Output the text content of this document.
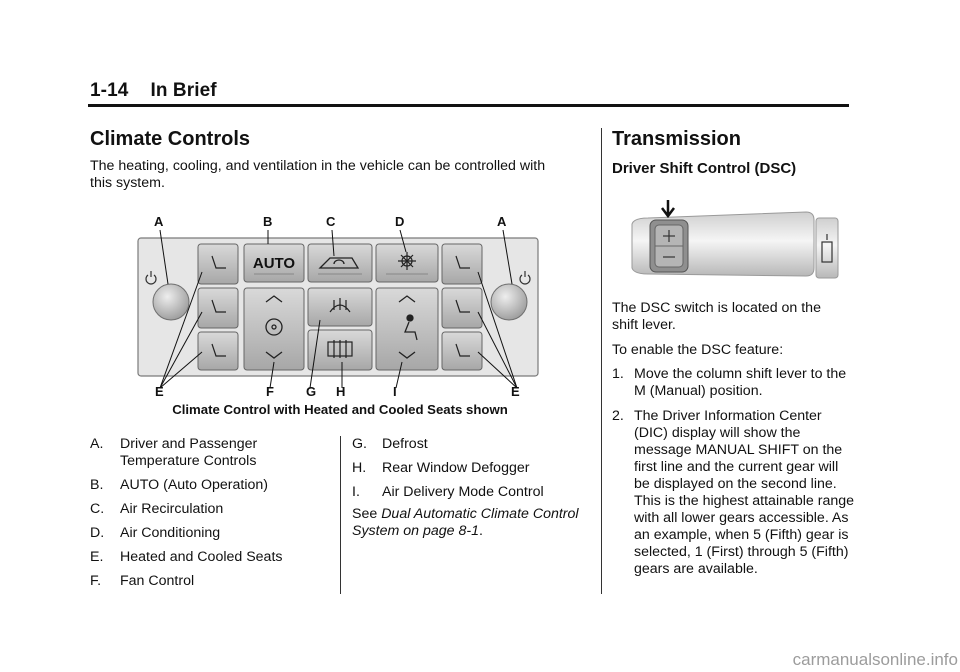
1-14 In Brief
Climate Controls
The heating, cooling, and ventilation in the vehicle can be controlled with this system.
AUTO
A	B	C	D	A
E	F G H	I	E
Climate Control with Heated and Cooled Seats shown
A. Driver and Passenger Temperature Controls
B. AUTO (Auto Operation)
C. Air Recirculation
D. Air Conditioning
E. Heated and Cooled Seats
F. Fan Control
G. Defrost
H. Rear Window Defogger
I. Air Delivery Mode Control
See Dual Automatic Climate Control System on page 8-1.
Transmission
Driver Shift Control (DSC)
The DSC switch is located on the shift lever.
To enable the DSC feature:
1. Move the column shift lever to the M (Manual) position.
2. The Driver Information Center (DIC) display will show the message MANUAL SHIFT on the first line and the current gear will be displayed on the second line. This is the highest attainable range with all lower gears accessible. As an example, when 5 (Fifth) gear is selected, 1 (First) through 5 (Fifth) gears are available.
carmanualsonline.info
